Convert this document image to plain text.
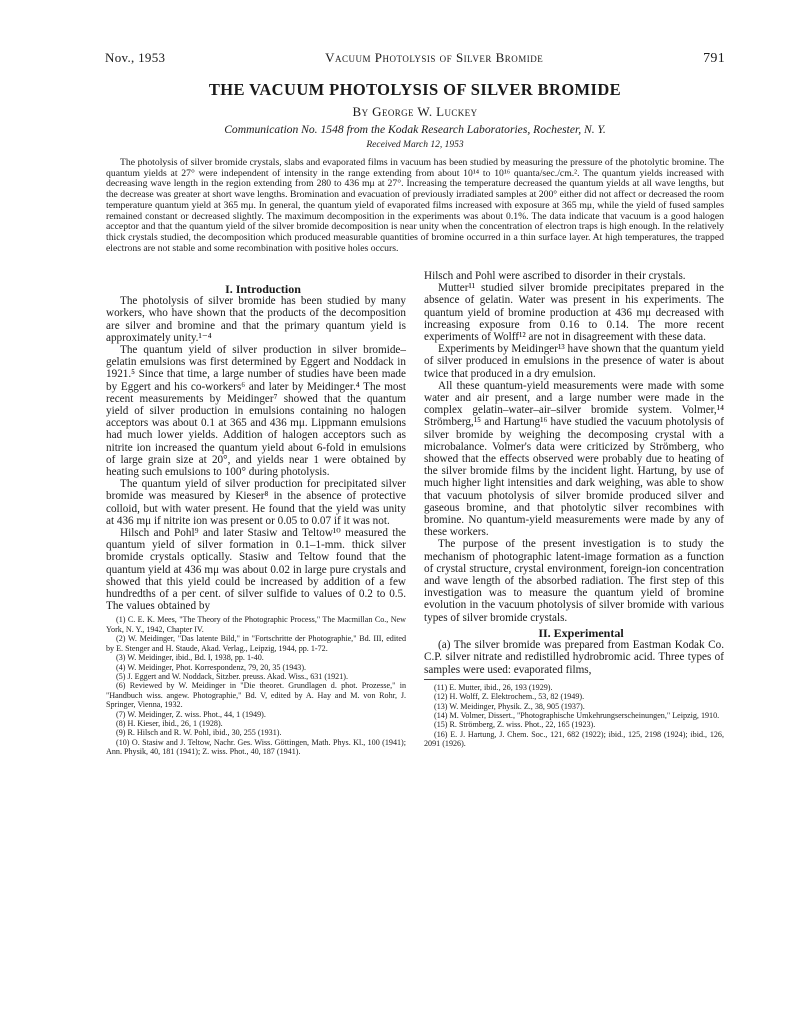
Nov., 1953	Vacuum Photolysis of Silver Bromide	791
THE VACUUM PHOTOLYSIS OF SILVER BROMIDE
By George W. Luckey
Communication No. 1548 from the Kodak Research Laboratories, Rochester, N. Y.
Received March 12, 1953
The photolysis of silver bromide crystals, slabs and evaporated films in vacuum has been studied by measuring the pressure of the photolytic bromine. The quantum yields at 27° were independent of intensity in the range extending from about 10¹⁴ to 10¹⁶ quanta/sec./cm.². The quantum yields increased with decreasing wave length in the region extending from 280 to 436 mμ at 27°. Increasing the temperature decreased the quantum yields at all wave lengths, but the decrease was greater at short wave lengths. Bromination and evacuation of previously irradiated samples at 200° either did not affect or decreased the room temperature quantum yield at 365 mμ. In general, the quantum yield of evaporated films increased with exposure at 365 mμ, while the yield of fused samples remained constant or decreased slightly. The maximum decomposition in the experiments was about 0.1%. The data indicate that vacuum is a good halogen acceptor and that the quantum yield of the silver bromide decomposition is near unity when the concentration of electron traps is high enough. In the relatively thick crystals studied, the decomposition which produced measurable quantities of bromine occurred in a thin surface layer. At high temperatures, the trapped electrons are not stable and some recombination with positive holes occurs.

I. Introduction

The photolysis of silver bromide has been studied by many workers, who have shown that the products of the decomposition are silver and bromine and that the primary quantum yield is approximately unity.¹⁻⁴

The quantum yield of silver production in silver bromide–gelatin emulsions was first determined by Eggert and Noddack in 1921.⁵ Since that time, a large number of studies have been made by Eggert and his co-workers⁶ and later by Meidinger.⁴ The most recent measurements by Meidinger⁷ showed that the quantum yield of silver production in emulsions containing no halogen acceptors was about 0.1 at 365 and 436 mμ. Lippmann emulsions had much lower yields. Addition of halogen acceptors such as nitrite ion increased the quantum yield about 6-fold in emulsions of large grain size at 20°, and yields near 1 were obtained by heating such emulsions to 100° during photolysis.

The quantum yield of silver production for precipitated silver bromide was measured by Kieser⁸ in the absence of protective colloid, but with water present. He found that the yield was unity at 436 mμ if nitrite ion was present or 0.05 to 0.07 if it was not.

Hilsch and Pohl⁹ and later Stasiw and Teltow¹⁰ measured the quantum yield of silver formation in 0.1–1-mm. thick silver bromide crystals optically. Stasiw and Teltow found that the quantum yield at 436 mμ was about 0.02 in large pure crystals and showed that this yield could be increased by addition of a few hundredths of a per cent. of silver sulfide to values of 0.2 to 0.5. The values obtained by

(1) C. E. K. Mees, "The Theory of the Photographic Process," The Macmillan Co., New York, N. Y., 1942, Chapter IV.

(2) W. Meidinger, "Das latente Bild," in "Fortschritte der Photographie," Bd. III, edited by E. Stenger and H. Staude, Akad. Verlag., Leipzig, 1944, pp. 1-72.

(3) W. Meidinger, ibid., Bd. I, 1938, pp. 1-40.

(4) W. Meidinger, Phot. Korrespondenz, 79, 20, 35 (1943).

(5) J. Eggert and W. Noddack, Sitzber. preuss. Akad. Wiss., 631 (1921).

(6) Reviewed by W. Meidinger in "Die theoret. Grundlagen d. phot. Prozesse," in "Handbuch wiss. angew. Photographie," Bd. V, edited by A. Hay and M. von Rohr, J. Springer, Vienna, 1932.

(7) W. Meidinger, Z. wiss. Phot., 44, 1 (1949).

(8) H. Kieser, ibid., 26, 1 (1928).

(9) R. Hilsch and R. W. Pohl, ibid., 30, 255 (1931).

(10) O. Stasiw and J. Teltow, Nachr. Ges. Wiss. Göttingen, Math. Phys. Kl., 100 (1941); Ann. Physik, 40, 181 (1941); Z. wiss. Phot., 40, 187 (1941).

Hilsch and Pohl were ascribed to disorder in their crystals.

Mutter¹¹ studied silver bromide precipitates prepared in the absence of gelatin. Water was present in his experiments. The quantum yield of bromine production at 436 mμ decreased with increasing exposure from 0.16 to 0.14. The more recent experiments of Wolff¹² are not in disagreement with these data.

Experiments by Meidinger¹³ have shown that the quantum yield of silver produced in emulsions in the presence of water is about twice that produced in a dry emulsion.

All these quantum-yield measurements were made with some water and air present, and a large number were made in the complex gelatin–water–air–silver bromide system. Volmer,¹⁴ Strömberg,¹⁵ and Hartung¹⁶ have studied the vacuum photolysis of silver bromide by weighing the decomposing crystal with a microbalance. Volmer's data were criticized by Strömberg, who showed that the effects observed were probably due to heating of the silver bromide films by the incident light. Hartung, by use of much higher light intensities and dark weighing, was able to show that vacuum photolysis of silver bromide produced silver and gaseous bromine, and that photolytic silver recombines with bromine. No quantum-yield measurements were made by any of these workers.

The purpose of the present investigation is to study the mechanism of photographic latent-image formation as a function of crystal structure, crystal environment, foreign-ion concentration and wave length of the absorbed radiation. The first step of this investigation was to measure the quantum yield of bromine evolution in the vacuum photolysis of silver bromide with various types of silver bromide crystals.

II. Experimental

(a) The silver bromide was prepared from Eastman Kodak Co. C.P. silver nitrate and redistilled hydrobromic acid. Three types of samples were used: evaporated films,

(11) E. Mutter, ibid., 26, 193 (1929).

(12) H. Wolff, Z. Elektrochem., 53, 82 (1949).

(13) W. Meidinger, Physik. Z., 38, 905 (1937).

(14) M. Volmer, Dissert., "Photographische Umkehrungserscheinungen," Leipzig, 1910.

(15) R. Strömberg, Z. wiss. Phot., 22, 165 (1923).

(16) E. J. Hartung, J. Chem. Soc., 121, 682 (1922); ibid., 125, 2198 (1924); ibid., 126, 2091 (1926).
